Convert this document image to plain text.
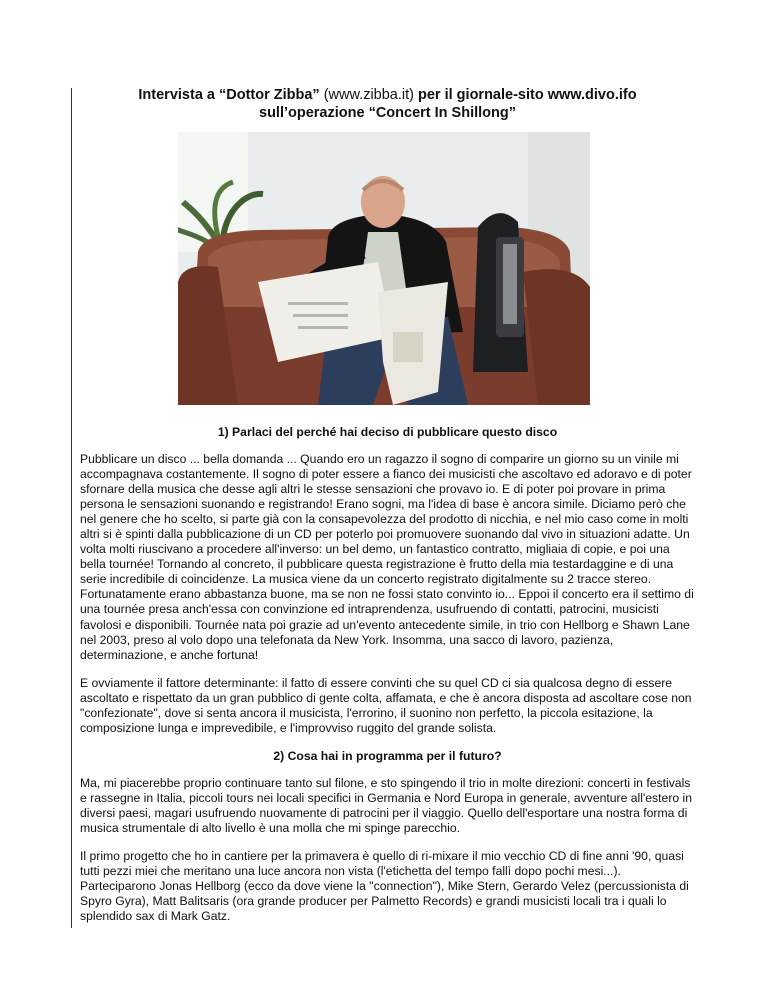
Intervista a “Dottor Zibba” (www.zibba.it) per il giornale-sito www.divo.ifo
sull’operazione “Concert In Shillong”
1) Parlaci del perché hai deciso di pubblicare questo disco

Pubblicare un disco ... bella domanda ... Quando ero un ragazzo il sogno di comparire un giorno su un vinile mi accompagnava costantemente. Il sogno di poter essere a fianco dei musicisti che ascoltavo ed adoravo e di poter sfornare della musica che desse agli altri le stesse sensazioni che provavo io. E di poter poi provare in prima persona le sensazioni suonando e registrando! Erano sogni, ma l'idea di base è ancora simile. Diciamo però che nel genere che ho scelto, si parte già con la consapevolezza del prodotto di nicchia, e nel mio caso come in molti altri si è spinti dalla pubblicazione di un CD per poterlo poi promuovere suonando dal vivo in situazioni adatte. Un volta molti riuscivano a procedere all'inverso: un bel demo, un fantastico contratto, migliaia di copie, e poi una bella tournée! Tornando al concreto, il pubblicare questa registrazione è frutto della mia testardaggine e di una serie incredibile di coincidenze. La musica viene da un concerto registrato digitalmente su 2 tracce stereo. Fortunatamente erano abbastanza buone, ma se non ne fossi stato convinto io... Eppoi il concerto era il settimo di una tournée presa anch'essa con convinzione ed intraprendenza, usufruendo di contatti, patrocini, musicisti favolosi e disponibili. Tournée nata poi grazie ad un'evento antecedente simile, in trio con Hellborg e Shawn Lane nel 2003, preso al volo dopo una telefonata da New York. Insomma, una sacco di lavoro, pazienza, determinazione, e anche fortuna!

E ovviamente il fattore determinante: il fatto di essere convinti che su quel CD ci sia qualcosa degno di essere ascoltato e rispettato da un gran pubblico di gente colta, affamata, e che è ancora disposta ad ascoltare cose non "confezionate", dove si senta ancora il musicista, l'errorino, il suonino non perfetto, la piccola esitazione, la composizione lunga e imprevedibile, e l'improvviso ruggito del grande solista.

2) Cosa hai in programma per il futuro?

Ma, mi piacerebbe proprio continuare tanto sul filone, e sto spingendo il trio in molte direzioni: concerti in festivals e rassegne in Italia, piccoli tours nei locali specifici in Germania e Nord Europa in generale, avventure all'estero in diversi paesi, magari usufruendo nuovamente di patrocini per il viaggio. Quello dell'esportare una nostra forma di musica strumentale di alto livello è una molla che mi spinge parecchio.

Il primo progetto che ho in cantiere per la primavera è quello di ri-mixare il mio vecchio CD di fine anni '90, quasi tutti pezzi miei che meritano una luce ancora non vista (l'etichetta del tempo fallì dopo pochi mesi...). Parteciparono Jonas Hellborg (ecco da dove viene la "connection"), Mike Stern, Gerardo Velez (percussionista di Spyro Gyra), Matt Balitsaris (ora grande producer per Palmetto Records) e grandi musicisti locali tra i quali lo splendido sax di Mark Gatz.
